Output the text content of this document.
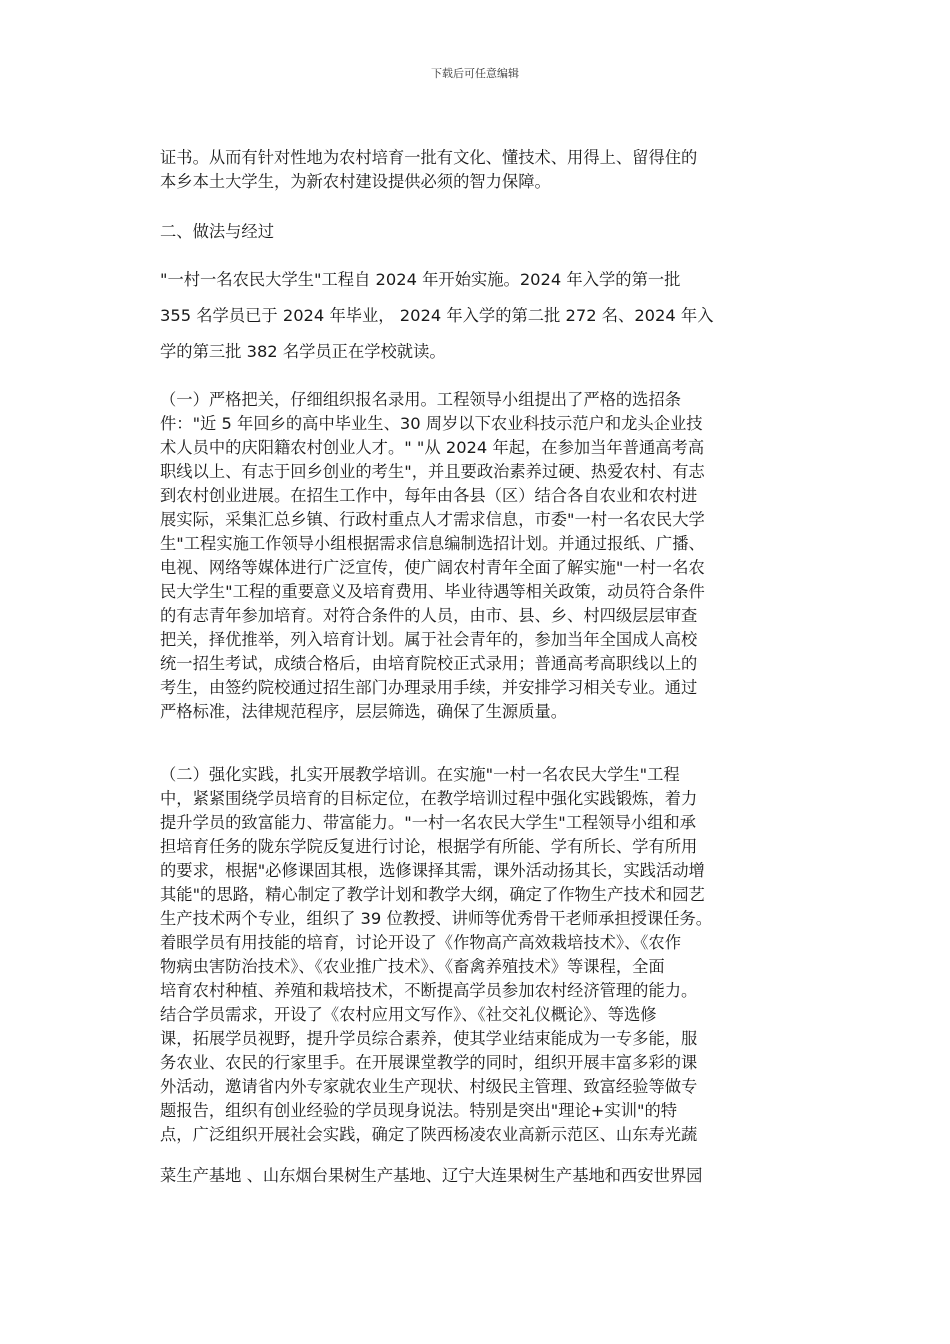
下载后可任意编辑
证书。从而有针对性地为农村培育一批有文化、懂技术、用得上、留得住的
本乡本土大学生，为新农村建设提供必须的智力保障。
二、做法与经过
"一村一名农民大学生"工程自 2024 年开始实施。2024 年入学的第一批
355 名学员已于 2024 年毕业， 2024 年入学的第二批 272 名、2024 年入
学的第三批 382 名学员正在学校就读。
（一）严格把关，仔细组织报名录用。工程领导小组提出了严格的选招条
件："近 5 年回乡的高中毕业生、30 周岁以下农业科技示范户和龙头企业技
术人员中的庆阳籍农村创业人才。" "从 2024 年起，在参加当年普通高考高
职线以上、有志于回乡创业的考生"，并且要政治素养过硬、热爱农村、有志
到农村创业进展。在招生工作中，每年由各县（区）结合各自农业和农村进
展实际，采集汇总乡镇、行政村重点人才需求信息，市委"一村一名农民大学
生"工程实施工作领导小组根据需求信息编制选招计划。并通过报纸、广播、
电视、网络等媒体进行广泛宣传，使广阔农村青年全面了解实施"一村一名农
民大学生"工程的重要意义及培育费用、毕业待遇等相关政策，动员符合条件
的有志青年参加培育。对符合条件的人员，由市、县、乡、村四级层层审查
把关，择优推举，列入培育计划。属于社会青年的，参加当年全国成人高校
统一招生考试，成绩合格后，由培育院校正式录用；普通高考高职线以上的
考生，由签约院校通过招生部门办理录用手续，并安排学习相关专业。通过
严格标准，法律规范程序，层层筛选，确保了生源质量。
（二）强化实践，扎实开展教学培训。在实施"一村一名农民大学生"工程
中，紧紧围绕学员培育的目标定位，在教学培训过程中强化实践锻炼，着力
提升学员的致富能力、带富能力。"一村一名农民大学生"工程领导小组和承
担培育任务的陇东学院反复进行讨论，根据学有所能、学有所长、学有所用
的要求，根据"必修课固其根，选修课择其需，课外活动扬其长，实践活动增
其能"的思路，精心制定了教学计划和教学大纲，确定了作物生产技术和园艺
生产技术两个专业，组织了 39 位教授、讲师等优秀骨干老师承担授课任务。
着眼学员有用技能的培育，讨论开设了《作物高产高效栽培技术》、《农作
物病虫害防治技术》、《农业推广技术》、《畜禽养殖技术》等课程，全面
培育农村种植、养殖和栽培技术，不断提高学员参加农村经济管理的能力。
结合学员需求，开设了《农村应用文写作》、《社交礼仪概论》、等选修
课，拓展学员视野，提升学员综合素养，使其学业结束能成为一专多能，服
务农业、农民的行家里手。在开展课堂教学的同时，组织开展丰富多彩的课
外活动，邀请省内外专家就农业生产现状、村级民主管理、致富经验等做专
题报告，组织有创业经验的学员现身说法。特别是突出"理论+实训"的特
点，广泛组织开展社会实践，确定了陕西杨凌农业高新示范区、山东寿光蔬
菜生产基地 、山东烟台果树生产基地、辽宁大连果树生产基地和西安世界园
